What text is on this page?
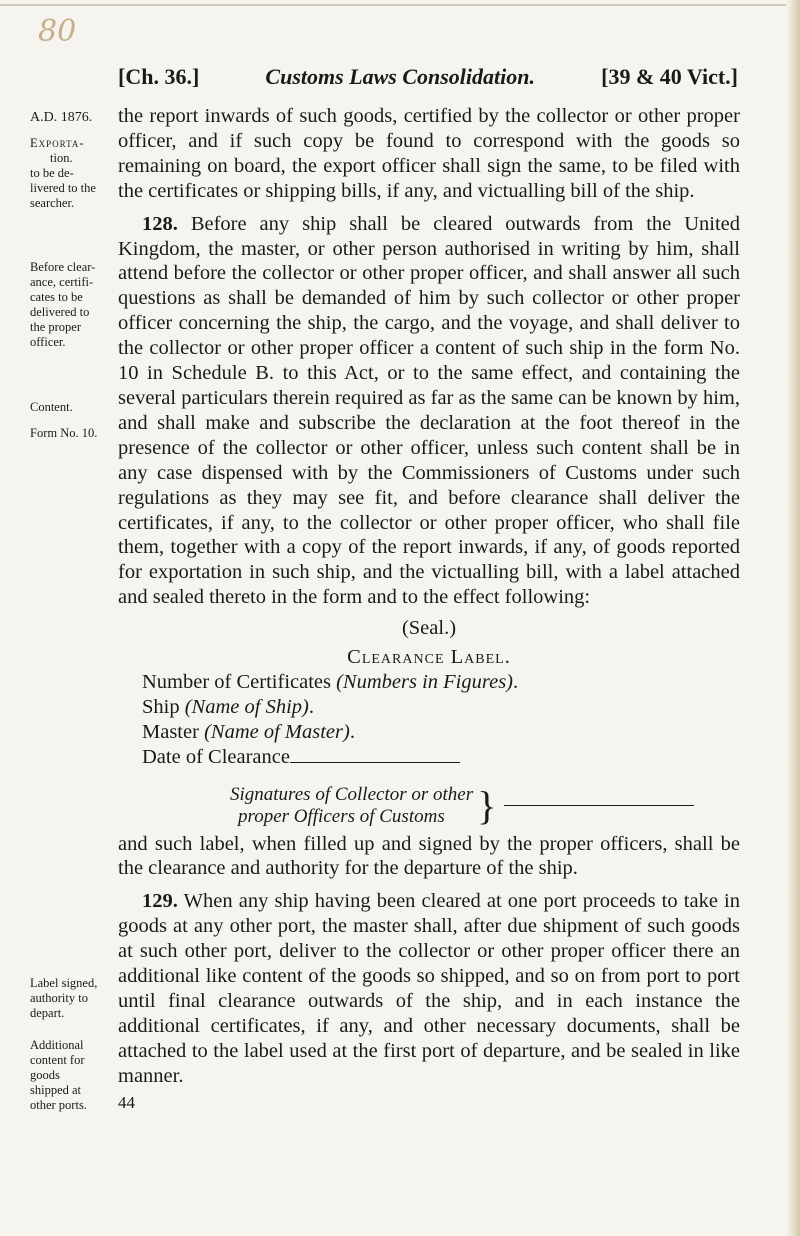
80
[Ch. 36.]	Customs Laws Consolidation.	[39 & 40 Vict.]
A.D. 1876.
Exporta-
tion.
to be de-
livered to the
searcher.
Before clear-
ance, certifi-
cates to be
delivered to
the proper
officer.
Content.
Form No. 10.
Label signed,
authority to
depart.
Additional
content for
goods
shipped at
other ports.

the report inwards of such goods, certified by the collector or other proper officer, and if such copy be found to correspond with the goods so remaining on board, the export officer shall sign the same, to be filed with the certificates or shipping bills, if any, and victualling bill of the ship.

128. Before any ship shall be cleared outwards from the United Kingdom, the master, or other person authorised in writing by him, shall attend before the collector or other proper officer, and shall answer all such questions as shall be demanded of him by such collector or other proper officer concerning the ship, the cargo, and the voyage, and shall deliver to the collector or other proper officer a content of such ship in the form No. 10 in Schedule B. to this Act, or to the same effect, and containing the several particulars therein required as far as the same can be known by him, and shall make and subscribe the declaration at the foot thereof in the presence of the collector or other officer, unless such content shall be in any case dispensed with by the Commissioners of Customs under such regulations as they may see fit, and before clearance shall deliver the certificates, if any, to the collector or other proper officer, who shall file them, together with a copy of the report inwards, if any, of goods reported for exportation in such ship, and the victualling bill, with a label attached and sealed thereto in the form and to the effect following:

(Seal.)

Clearance Label.

Number of Certificates (Numbers in Figures).
Ship (Name of Ship).
Master (Name of Master).
Date of Clearance
Signatures of Collector or other
proper Officers of Customs }

and such label, when filled up and signed by the proper officers, shall be the clearance and authority for the departure of the ship.

129. When any ship having been cleared at one port proceeds to take in goods at any other port, the master shall, after due shipment of such goods at such other port, deliver to the collector or other proper officer there an additional like content of the goods so shipped, and so on from port to port until final clearance outwards of the ship, and in each instance the additional certificates, if any, and other necessary documents, shall be attached to the label used at the first port of departure, and be sealed in like manner.

44
